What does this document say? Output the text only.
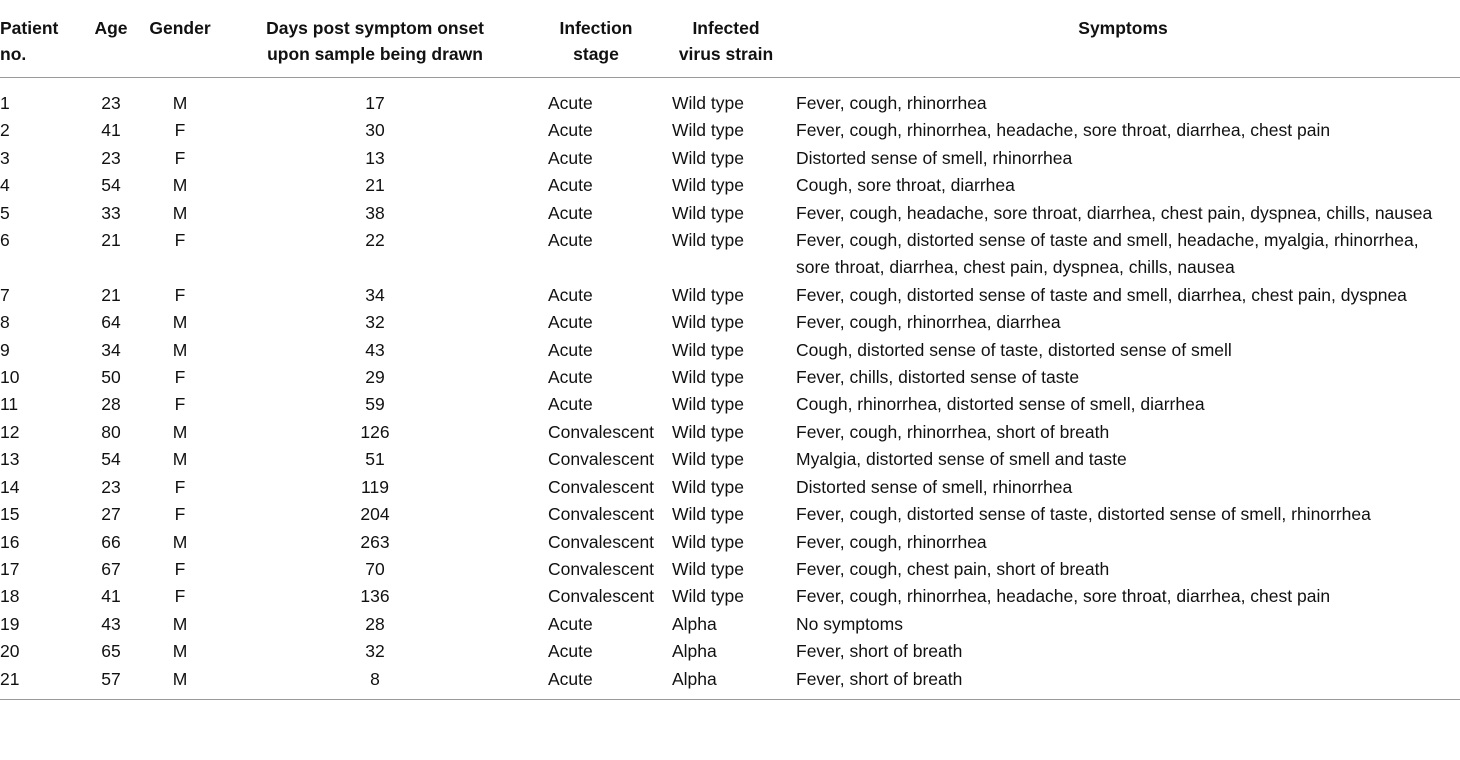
Patient no.	Age	Gender	Days post symptom onset upon sample being drawn	Infection stage	Infected virus strain	Symptoms
1	23	M	17	Acute	Wild type	Fever, cough, rhinorrhea
2	41	F	30	Acute	Wild type	Fever, cough, rhinorrhea, headache, sore throat, diarrhea, chest pain
3	23	F	13	Acute	Wild type	Distorted sense of smell, rhinorrhea
4	54	M	21	Acute	Wild type	Cough, sore throat, diarrhea
5	33	M	38	Acute	Wild type	Fever, cough, headache, sore throat, diarrhea, chest pain, dyspnea, chills, nausea
6	21	F	22	Acute	Wild type	Fever, cough, distorted sense of taste and smell, headache, myalgia, rhinorrhea, sore throat, diarrhea, chest pain, dyspnea, chills, nausea
7	21	F	34	Acute	Wild type	Fever, cough, distorted sense of taste and smell, diarrhea, chest pain, dyspnea
8	64	M	32	Acute	Wild type	Fever, cough, rhinorrhea, diarrhea
9	34	M	43	Acute	Wild type	Cough, distorted sense of taste, distorted sense of smell
10	50	F	29	Acute	Wild type	Fever, chills, distorted sense of taste
11	28	F	59	Acute	Wild type	Cough, rhinorrhea, distorted sense of smell, diarrhea
12	80	M	126	Convalescent	Wild type	Fever, cough, rhinorrhea, short of breath
13	54	M	51	Convalescent	Wild type	Myalgia, distorted sense of smell and taste
14	23	F	119	Convalescent	Wild type	Distorted sense of smell, rhinorrhea
15	27	F	204	Convalescent	Wild type	Fever, cough, distorted sense of taste, distorted sense of smell, rhinorrhea
16	66	M	263	Convalescent	Wild type	Fever, cough, rhinorrhea
17	67	F	70	Convalescent	Wild type	Fever, cough, chest pain, short of breath
18	41	F	136	Convalescent	Wild type	Fever, cough, rhinorrhea, headache, sore throat, diarrhea, chest pain
19	43	M	28	Acute	Alpha	No symptoms
20	65	M	32	Acute	Alpha	Fever, short of breath
21	57	M	8	Acute	Alpha	Fever, short of breath
